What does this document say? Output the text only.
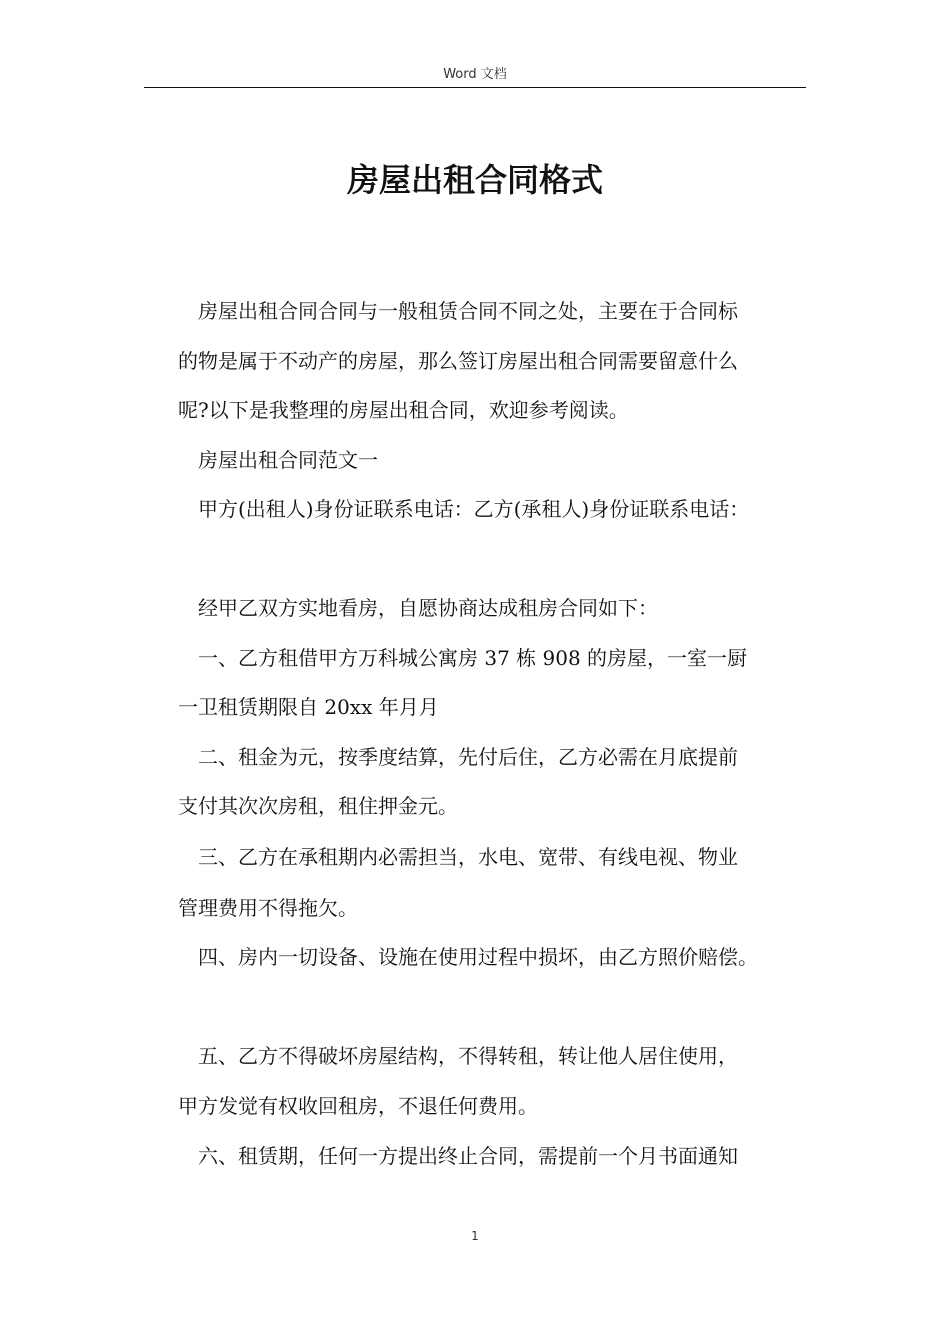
Word 文档
房屋出租合同格式
房屋出租合同合同与一般租赁合同不同之处，主要在于合同标
的物是属于不动产的房屋，那么签订房屋出租合同需要留意什么
呢?以下是我整理的房屋出租合同，欢迎参考阅读。
房屋出租合同范文一
甲方(出租人)身份证联系电话：乙方(承租人)身份证联系电话：
经甲乙双方实地看房，自愿协商达成租房合同如下：
一、乙方租借甲方万科城公寓房 37 栋 908 的房屋，一室一厨
一卫租赁期限自 20xx 年月月
二、租金为元，按季度结算，先付后住，乙方必需在月底提前
支付其次次房租，租住押金元。
三、乙方在承租期内必需担当，水电、宽带、有线电视、物业
管理费用不得拖欠。
四、房内一切设备、设施在使用过程中损坏，由乙方照价赔偿。
五、乙方不得破坏房屋结构，不得转租，转让他人居住使用，
甲方发觉有权收回租房，不退任何费用。
六、租赁期，任何一方提出终止合同，需提前一个月书面通知
1
